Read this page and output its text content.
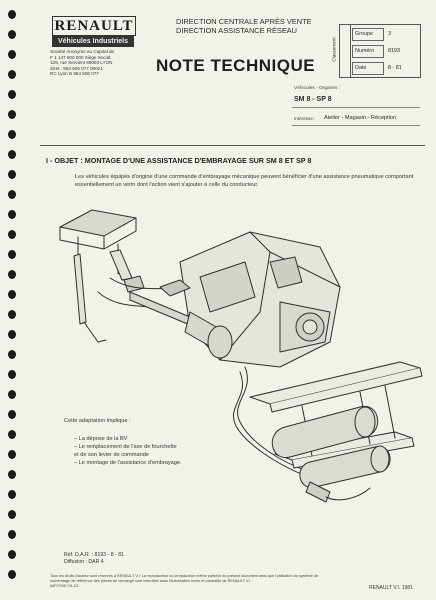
RENAULT
Véhicules Industriels
Société Anonyme au Capital de
F 1 147 500 000 Siège Social:
129, rue Servient 69003 LYON
Siret : 954 506 077 00021
RC Lyon B 954 506 077
DIRECTION CENTRALE APRÈS VENTE
DIRECTION ASSISTANCE RÉSEAU
NOTE TECHNIQUE
Classement
Groupe	3
Numéro	8193
Date	8 - 81
Véhicules - Organes :
SM 8 - SP 8
Intéresse : Atelier - Magasin - Réception
I - OBJET : MONTAGE D'UNE ASSISTANCE D'EMBRAYAGE SUR SM 8 ET SP 8
Les véhicules équipés d'origine d'une commande d'embrayage mécanique peuvent bénéficier d'une assistance pneumatique comportant essentiellement un vérin dont l'action vient s'ajouter à celle du conducteur.
Cette adaptation implique :
– La dépose de la BV
– Le remplacement de l'axe de fourchette
et de son levier de commande
– Le montage de l'assistance d'embrayage.
Réf. D.A.R. : 8193 - 8 - 81
Diffusion : DAR 4
Tous les droits d'auteur sont réservés à RENAULT V.I. La reproduction ou la traduction même partielle du présent document ainsi que l'utilisation du système de
numérotage de référence des pièces de rechange sont interdites sans l'autorisation écrite et préalable de RENAULT V.I.
IMP.0788 7/8-1/2	RENAULT V.I. 1981
